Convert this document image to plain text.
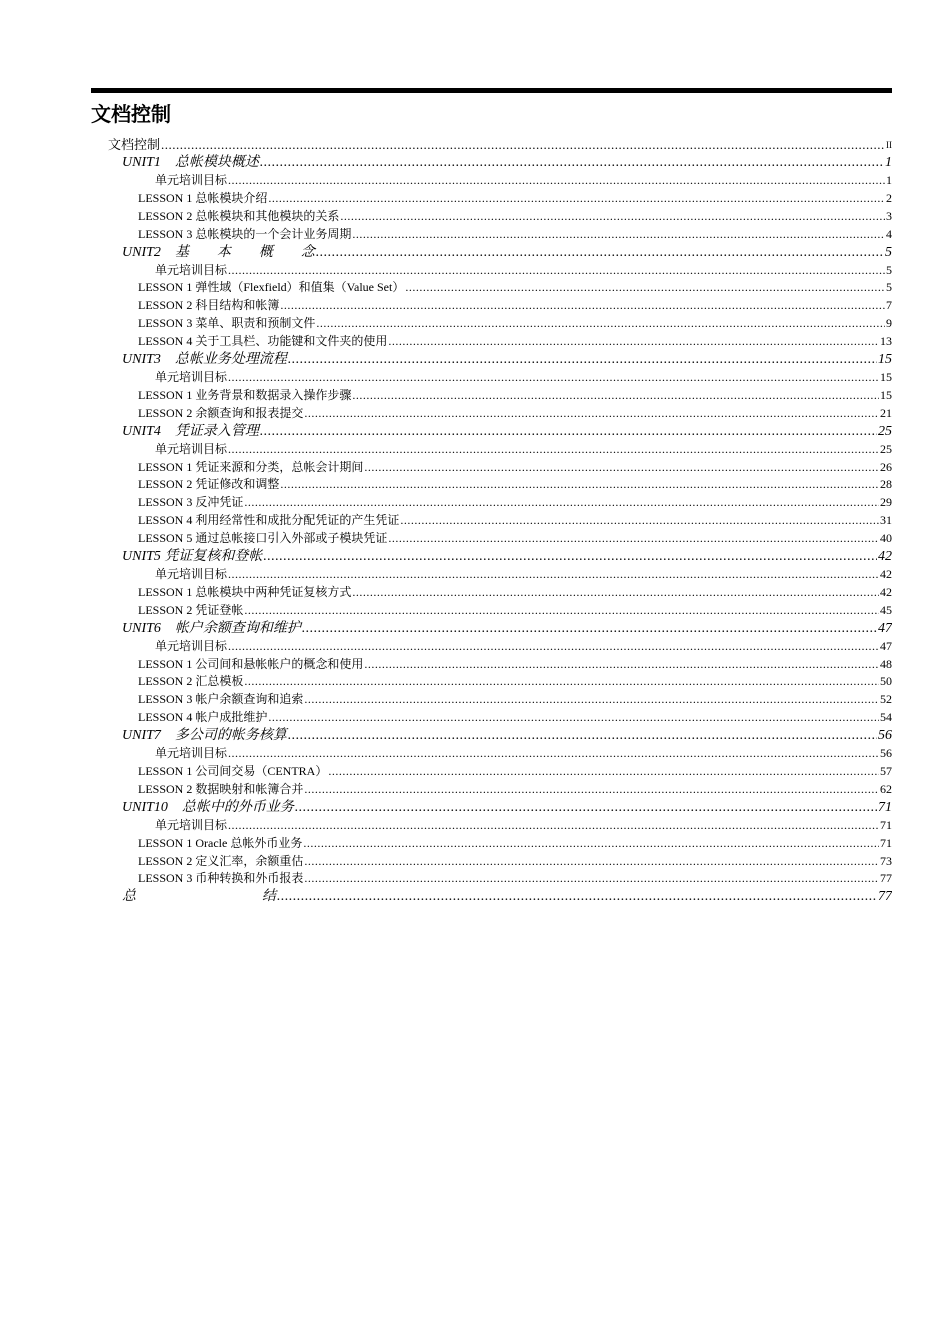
文档控制
文档控制 .....	II
UNIT1　总帐模块概述 .....	1
单元培训目标 .....	1
LESSON 1 总帐模块介绍 .....	2
LESSON 2 总帐模块和其他模块的关系 .....	3
LESSON 3 总帐模块的一个会计业务周期 .....	4
UNIT2　基　　本　　概　　念 .....	5
单元培训目标 .....	5
LESSON 1 弹性域（Flexfield）和值集（Value Set） .....	5
LESSON 2 科目结构和帐簿 .....	7
LESSON 3 菜单、职责和预制文件 .....	9
LESSON 4 关于工具栏、功能键和文件夹的使用 .....	13
UNIT3　总帐业务处理流程 .....	15
单元培训目标 .....	15
LESSON 1 业务背景和数据录入操作步骤 .....	15
LESSON 2 余额查询和报表提交 .....	21
UNIT4　凭证录入管理 .....	25
单元培训目标 .....	25
LESSON 1 凭证来源和分类，总帐会计期间 .....	26
LESSON 2 凭证修改和调整 .....	28
LESSON 3 反冲凭证 .....	29
LESSON 4 利用经常性和成批分配凭证的产生凭证 .....	31
LESSON 5 通过总帐接口引入外部或子模块凭证 .....	40
UNIT5 凭证复核和登帐 .....	42
单元培训目标 .....	42
LESSON 1 总帐模块中两种凭证复核方式 .....	42
LESSON 2 凭证登帐 .....	45
UNIT6　帐户余额查询和维护 .....	47
单元培训目标 .....	47
LESSON 1 公司间和悬帐帐户的概念和使用 .....	48
LESSON 2 汇总模板 .....	50
LESSON 3 帐户余额查询和追索 .....	52
LESSON 4 帐户成批维护 .....	54
UNIT7　多公司的帐务核算 .....	56
单元培训目标 .....	56
LESSON 1 公司间交易（CENTRA） .....	57
LESSON 2 数据映射和帐簿合并 .....	62
UNIT10　总帐中的外币业务 .....	71
单元培训目标 .....	71
LESSON 1 Oracle 总帐外币业务 .....	71
LESSON 2 定义汇率，余额重估 .....	73
LESSON 3 币种转换和外币报表 .....	77
总　　　　　　　　　结 .....	77
